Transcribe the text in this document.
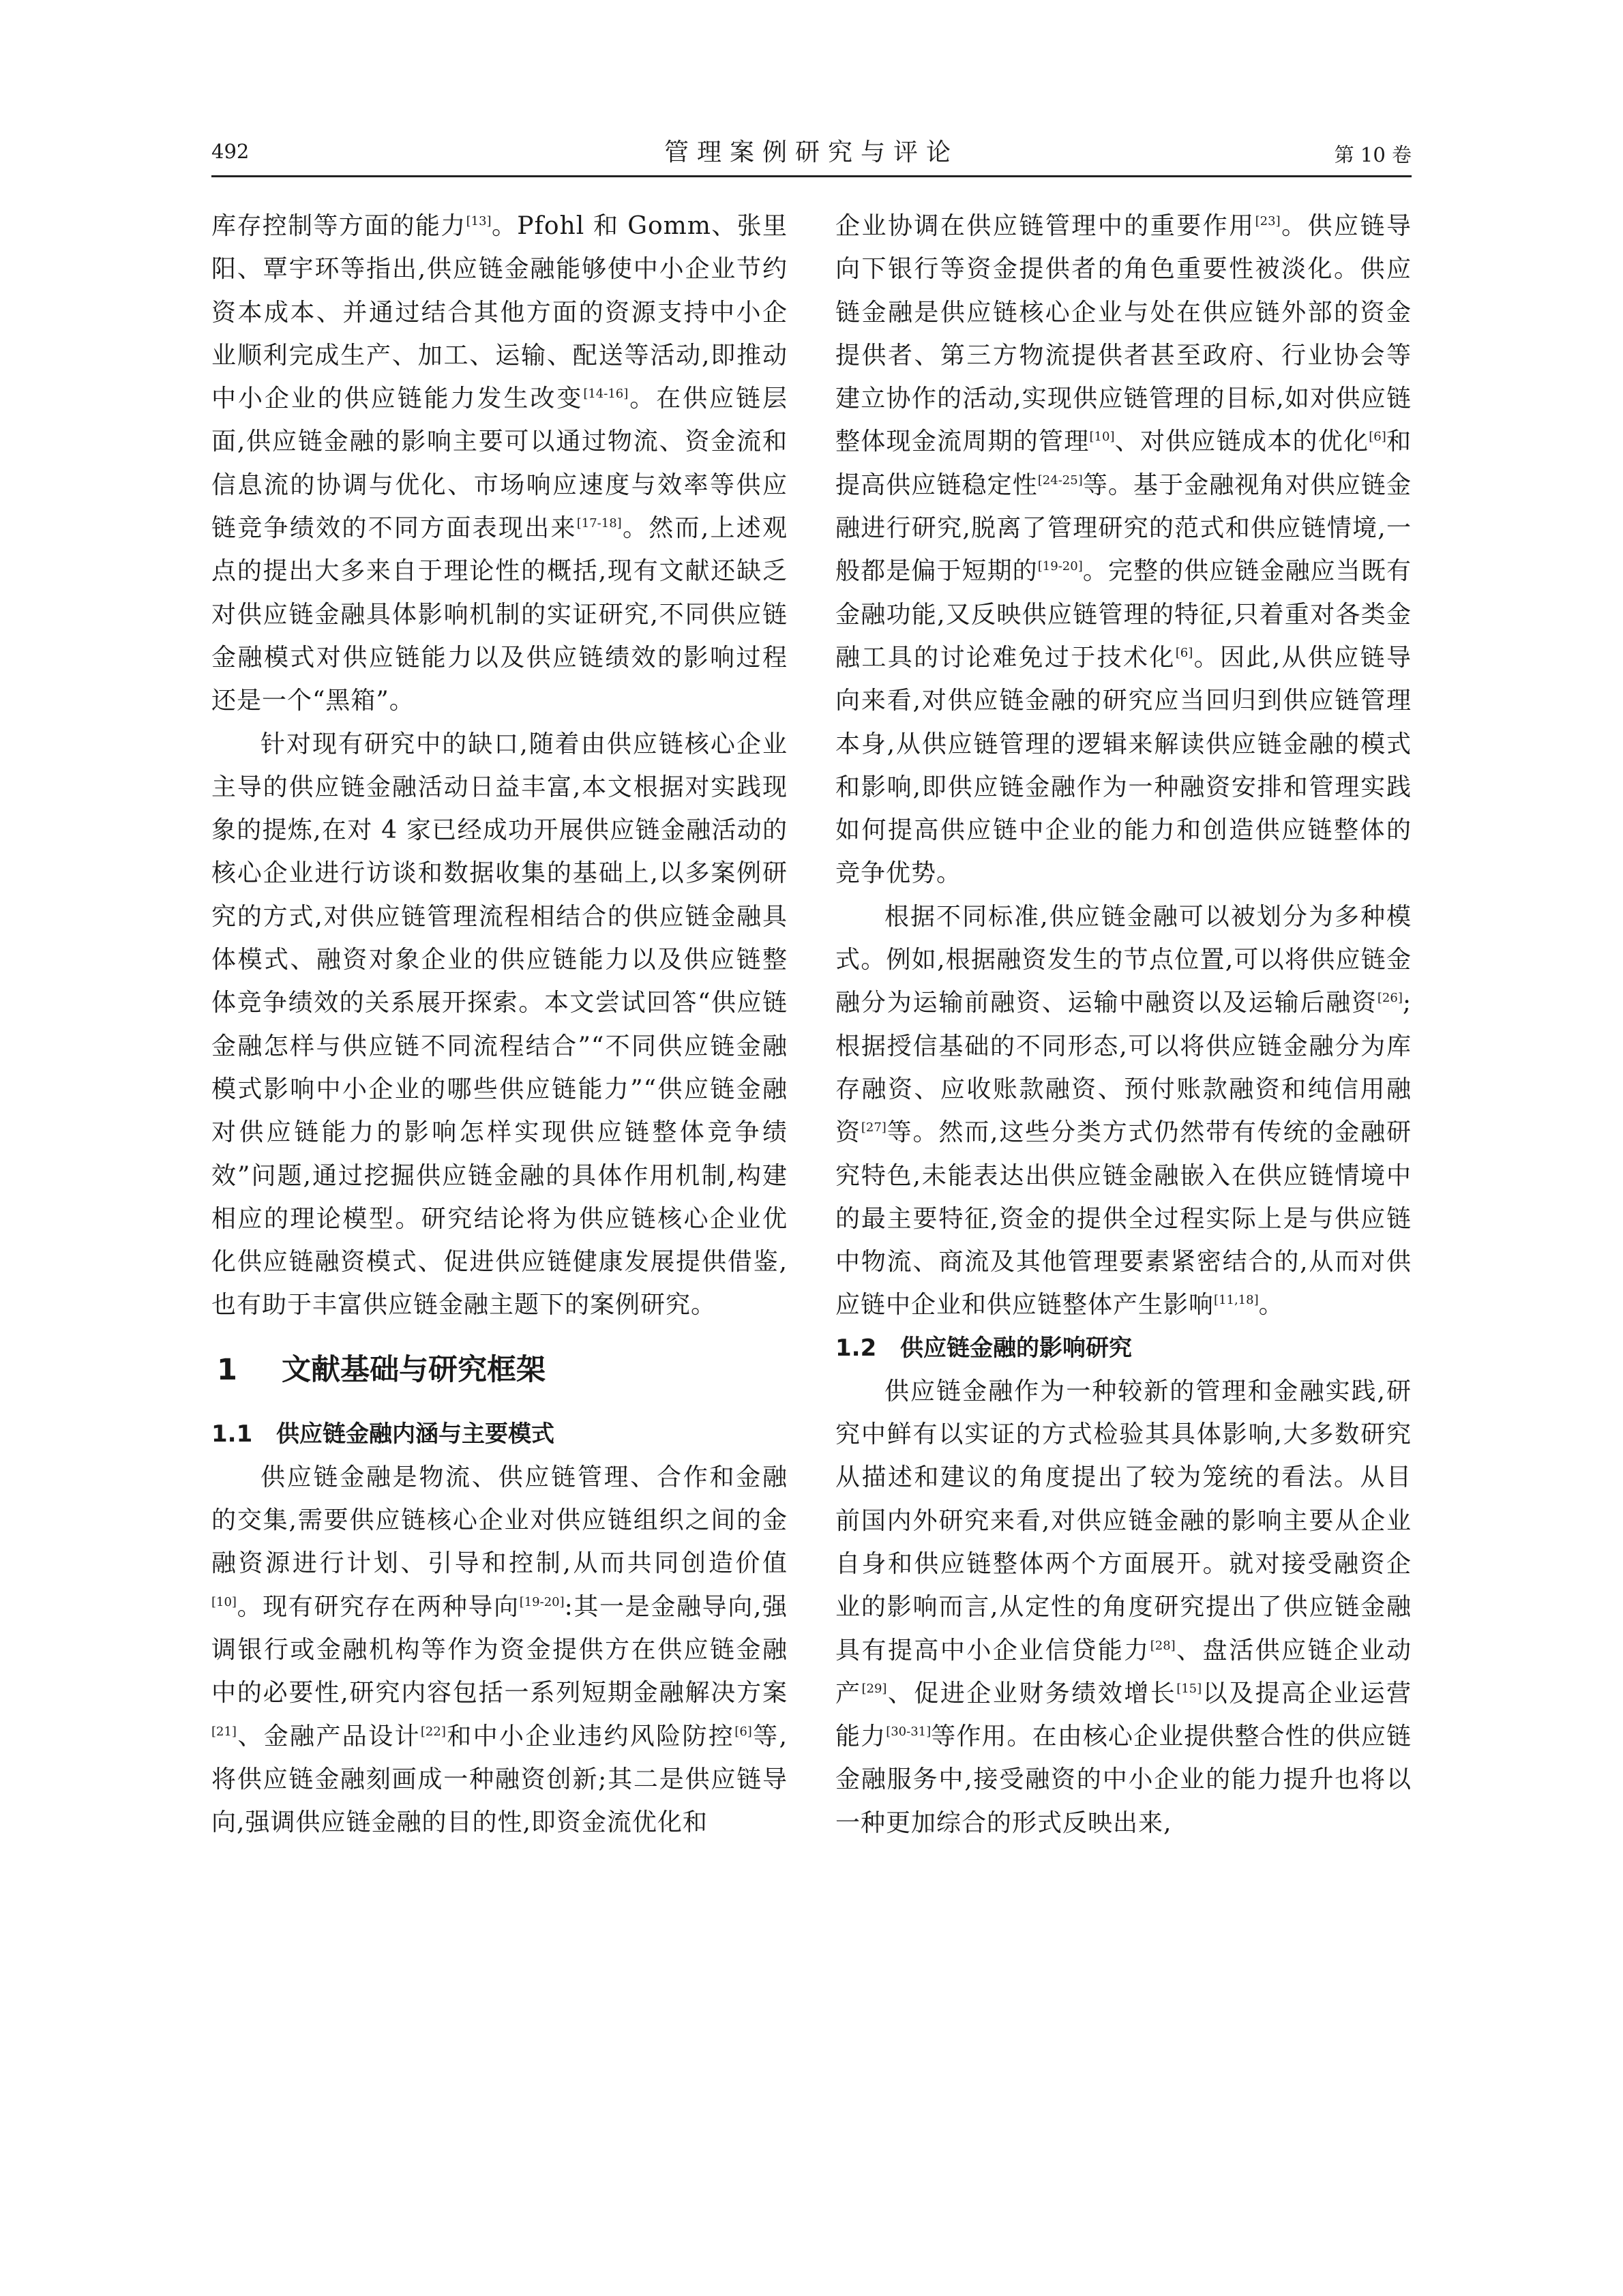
492	管理案例研究与评论	第 10 卷

库存控制等方面的能力[13]。Pfohl 和 Gomm、张里阳、覃宇环等指出,供应链金融能够使中小企业节约资本成本、并通过结合其他方面的资源支持中小企业顺利完成生产、加工、运输、配送等活动,即推动中小企业的供应链能力发生改变[14-16]。在供应链层面,供应链金融的影响主要可以通过物流、资金流和信息流的协调与优化、市场响应速度与效率等供应链竞争绩效的不同方面表现出来[17-18]。然而,上述观点的提出大多来自于理论性的概括,现有文献还缺乏对供应链金融具体影响机制的实证研究,不同供应链金融模式对供应链能力以及供应链绩效的影响过程还是一个“黑箱”。

针对现有研究中的缺口,随着由供应链核心企业主导的供应链金融活动日益丰富,本文根据对实践现象的提炼,在对 4 家已经成功开展供应链金融活动的核心企业进行访谈和数据收集的基础上,以多案例研究的方式,对供应链管理流程相结合的供应链金融具体模式、融资对象企业的供应链能力以及供应链整体竞争绩效的关系展开探索。本文尝试回答“供应链金融怎样与供应链不同流程结合”“不同供应链金融模式影响中小企业的哪些供应链能力”“供应链金融对供应链能力的影响怎样实现供应链整体竞争绩效”问题,通过挖掘供应链金融的具体作用机制,构建相应的理论模型。研究结论将为供应链核心企业优化供应链融资模式、促进供应链健康发展提供借鉴,也有助于丰富供应链金融主题下的案例研究。

1 文献基础与研究框架
1.1 供应链金融内涵与主要模式

供应链金融是物流、供应链管理、合作和金融的交集,需要供应链核心企业对供应链组织之间的金融资源进行计划、引导和控制,从而共同创造价值[10]。现有研究存在两种导向[19-20]:其一是金融导向,强调银行或金融机构等作为资金提供方在供应链金融中的必要性,研究内容包括一系列短期金融解决方案[21]、金融产品设计[22]和中小企业违约风险防控[6]等,将供应链金融刻画成一种融资创新;其二是供应链导向,强调供应链金融的目的性,即资金流优化和

企业协调在供应链管理中的重要作用[23]。供应链导向下银行等资金提供者的角色重要性被淡化。供应链金融是供应链核心企业与处在供应链外部的资金提供者、第三方物流提供者甚至政府、行业协会等建立协作的活动,实现供应链管理的目标,如对供应链整体现金流周期的管理[10]、对供应链成本的优化[6]和提高供应链稳定性[24-25]等。基于金融视角对供应链金融进行研究,脱离了管理研究的范式和供应链情境,一般都是偏于短期的[19-20]。完整的供应链金融应当既有金融功能,又反映供应链管理的特征,只着重对各类金融工具的讨论难免过于技术化[6]。因此,从供应链导向来看,对供应链金融的研究应当回归到供应链管理本身,从供应链管理的逻辑来解读供应链金融的模式和影响,即供应链金融作为一种融资安排和管理实践如何提高供应链中企业的能力和创造供应链整体的竞争优势。

根据不同标准,供应链金融可以被划分为多种模式。例如,根据融资发生的节点位置,可以将供应链金融分为运输前融资、运输中融资以及运输后融资[26];根据授信基础的不同形态,可以将供应链金融分为库存融资、应收账款融资、预付账款融资和纯信用融资[27]等。然而,这些分类方式仍然带有传统的金融研究特色,未能表达出供应链金融嵌入在供应链情境中的最主要特征,资金的提供全过程实际上是与供应链中物流、商流及其他管理要素紧密结合的,从而对供应链中企业和供应链整体产生影响[11,18]。

1.2 供应链金融的影响研究

供应链金融作为一种较新的管理和金融实践,研究中鲜有以实证的方式检验其具体影响,大多数研究从描述和建议的角度提出了较为笼统的看法。从目前国内外研究来看,对供应链金融的影响主要从企业自身和供应链整体两个方面展开。就对接受融资企业的影响而言,从定性的角度研究提出了供应链金融具有提高中小企业信贷能力[28]、盘活供应链企业动产[29]、促进企业财务绩效增长[15]以及提高企业运营能力[30-31]等作用。在由核心企业提供整合性的供应链金融服务中,接受融资的中小企业的能力提升也将以一种更加综合的形式反映出来,
